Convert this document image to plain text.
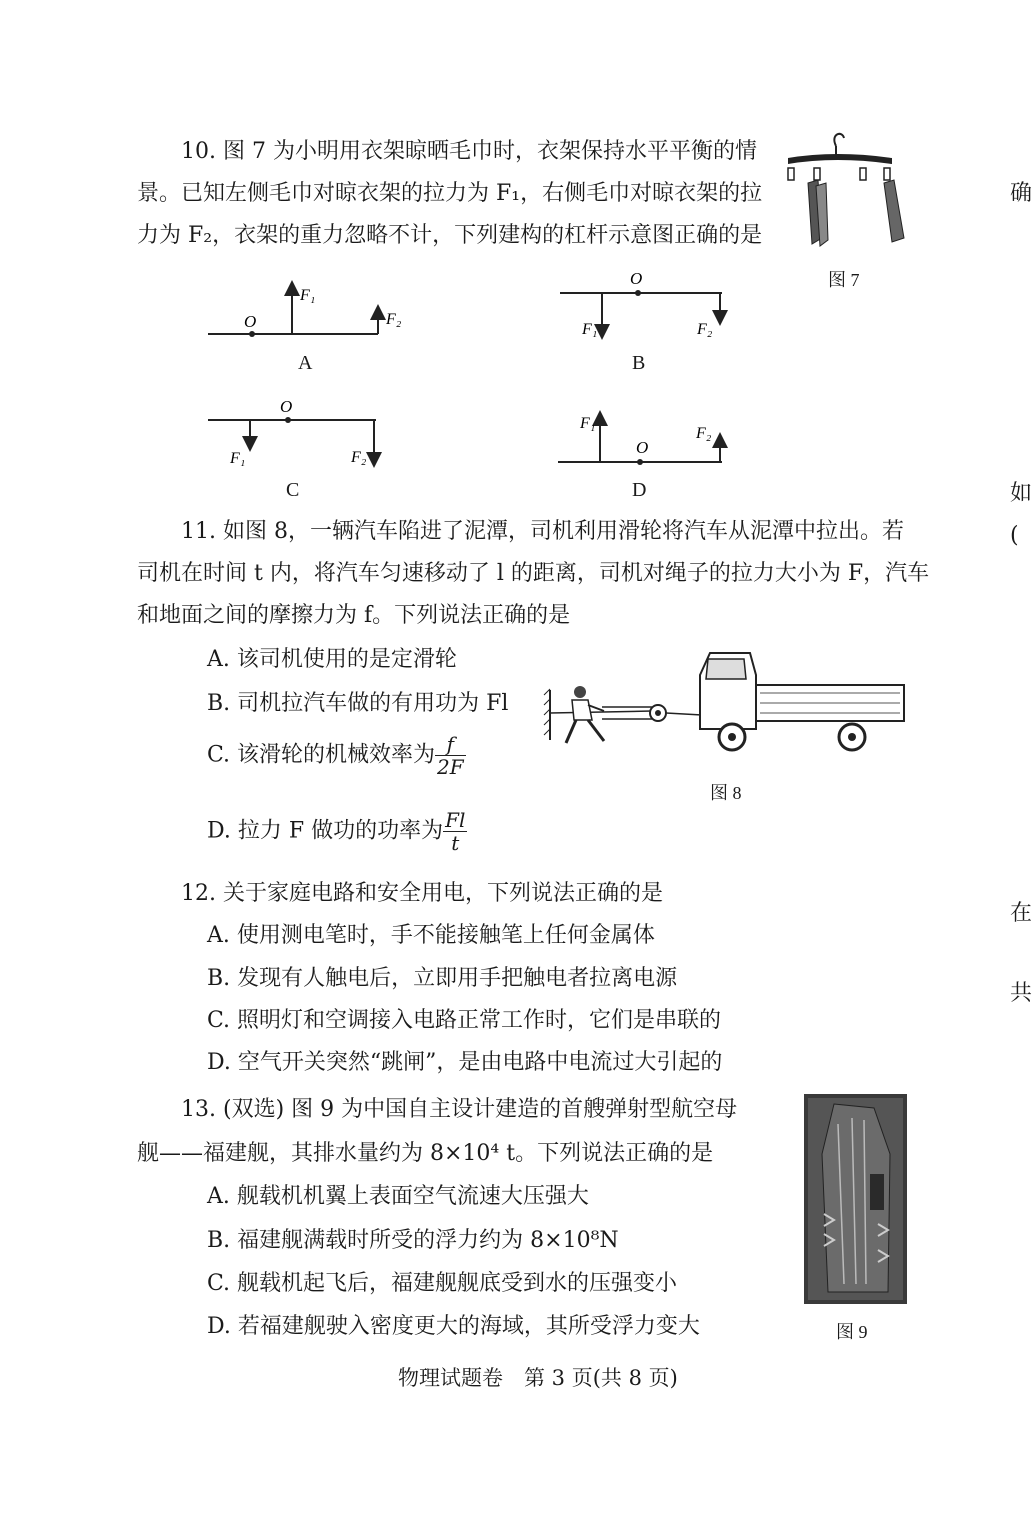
10. 图 7 为小明用衣架晾晒毛巾时，衣架保持水平平衡的情
景。已知左侧毛巾对晾衣架的拉力为 F₁，右侧毛巾对晾衣架的拉
力为 F₂，衣架的重力忽略不计，下列建构的杠杆示意图正确的是
图 7
O
F₁
F₂
O
F₁	F₂
O
F₁	F₂
O
F₁
F₂
A	B
C	D
11. 如图 8，一辆汽车陷进了泥潭，司机利用滑轮将汽车从泥潭中拉出。若
司机在时间 t 内，将汽车匀速移动了 l 的距离，司机对绳子的拉力大小为 F，汽车
和地面之间的摩擦力为 f。下列说法正确的是
A. 该司机使用的是定滑轮
B. 司机拉汽车做的有用功为 Fl
C. 该滑轮的机械效率为 $\frac{f}{2F}$
D. 拉力 F 做功的功率为 $\frac{Fl}{t}$
图 8
12. 关于家庭电路和安全用电，下列说法正确的是
A. 使用测电笔时，手不能接触笔上任何金属体
B. 发现有人触电后，立即用手把触电者拉离电源
C. 照明灯和空调接入电路正常工作时，它们是串联的
D. 空气开关突然“跳闸”，是由电路中电流过大引起的
13. (双选) 图 9 为中国自主设计建造的首艘弹射型航空母
舰——福建舰，其排水量约为 8×10⁴ t。下列说法正确的是
A. 舰载机机翼上表面空气流速大压强大
B. 福建舰满载时所受的浮力约为 8×10⁸N
C. 舰载机起飞后，福建舰舰底受到水的压强变小
D. 若福建舰驶入密度更大的海域，其所受浮力变大	图 9
物理试题卷　第 3 页(共 8 页)
确
如
(
在
共
